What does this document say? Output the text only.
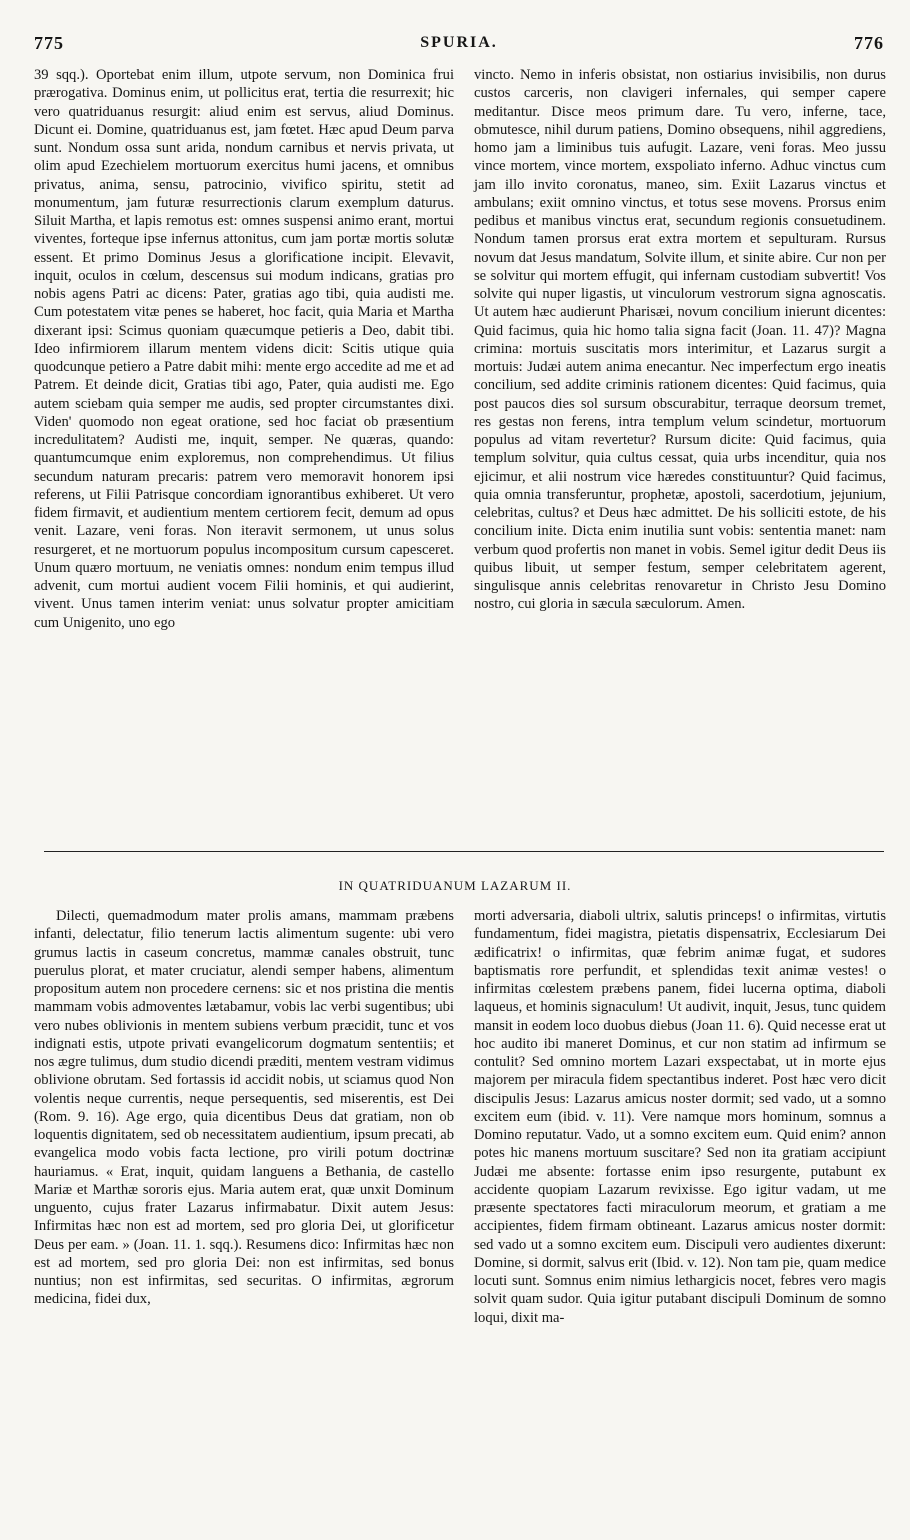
775	SPURIA.	776

39 sqq.). Oportebat enim illum, utpote servum, non Dominica frui prærogativa. Dominus enim, ut pollicitus erat, tertia die resurrexit; hic vero quatriduanus resurgit: aliud enim est servus, aliud Dominus. Dicunt ei. Domine, quatriduanus est, jam fœtet. Hæc apud Deum parva sunt. Nondum ossa sunt arida, nondum carnibus et nervis privata, ut olim apud Ezechielem mortuorum exercitus humi jacens, et omnibus privatus, anima, sensu, patrocinio, vivifico spiritu, stetit ad monumentum, jam futuræ resurrectionis clarum exemplum daturus. Siluit Martha, et lapis remotus est: omnes suspensi animo erant, mortui viventes, forteque ipse infernus attonitus, cum jam portæ mortis solutæ essent. Et primo Dominus Jesus a glorificatione incipit. Elevavit, inquit, oculos in cœlum, descensus sui modum indicans, gratias pro nobis agens Patri ac dicens: Pater, gratias ago tibi, quia audisti me. Cum potestatem vitæ penes se haberet, hoc facit, quia Maria et Martha dixerant ipsi: Scimus quoniam quæcumque petieris a Deo, dabit tibi. Ideo infirmiorem illarum mentem videns dicit: Scitis utique quia quodcunque petiero a Patre dabit mihi: mente ergo accedite ad me et ad Patrem. Et deinde dicit, Gratias tibi ago, Pater, quia audisti me. Ego autem sciebam quia semper me audis, sed propter circumstantes dixi. Viden' quomodo non egeat oratione, sed hoc faciat ob præsentium incredulitatem? Audisti me, inquit, semper. Ne quæras, quando: quantumcumque enim exploremus, non comprehendimus. Ut filius secundum naturam precaris: patrem vero memoravit honorem ipsi referens, ut Filii Patrisque concordiam ignorantibus exhiberet. Ut vero fidem firmavit, et audientium mentem certiorem fecit, demum ad opus venit. Lazare, veni foras. Non iteravit sermonem, ut unus solus resurgeret, et ne mortuorum populus incompositum cursum capesceret. Unum quæro mortuum, ne veniatis omnes: nondum enim tempus illud advenit, cum mortui audient vocem Filii hominis, et qui audierint, vivent. Unus tamen interim veniat: unus solvatur propter amicitiam cum Unigenito, uno ego

vincto. Nemo in inferis obsistat, non ostiarius invisibilis, non durus custos carceris, non clavigeri infernales, qui semper capere meditantur. Disce meos primum dare. Tu vero, inferne, tace, obmutesce, nihil durum patiens, Domino obsequens, nihil aggrediens, homo jam a liminibus tuis aufugit. Lazare, veni foras. Meo jussu vince mortem, vince mortem, exspoliato inferno. Adhuc vinctus cum jam illo invito coronatus, maneo, sim. Exiit Lazarus vinctus et ambulans; exiit omnino vinctus, et totus sese movens. Prorsus enim pedibus et manibus vinctus erat, secundum regionis consuetudinem. Nondum tamen prorsus erat extra mortem et sepulturam. Rursus novum dat Jesus mandatum, Solvite illum, et sinite abire. Cur non per se solvitur qui mortem effugit, qui infernam custodiam subvertit! Vos solvite qui nuper ligastis, ut vinculorum vestrorum signa agnoscatis. Ut autem hæc audierunt Pharisæi, novum concilium inierunt dicentes: Quid facimus, quia hic homo talia signa facit (Joan. 11. 47)? Magna crimina: mortuis suscitatis mors interimitur, et Lazarus surgit a mortuis: Judæi autem anima enecantur. Nec imperfectum ergo ineatis concilium, sed addite criminis rationem dicentes: Quid facimus, quia post paucos dies sol sursum obscurabitur, terraque deorsum tremet, res gestas non ferens, intra templum velum scindetur, mortuorum populus ad vitam revertetur? Rursum dicite: Quid facimus, quia templum solvitur, quia cultus cessat, quia urbs incenditur, quia nos ejicimur, et alii nostrum vice hæredes constituuntur? Quid facimus, quia omnia transferuntur, prophetæ, apostoli, sacerdotium, jejunium, celebritas, cultus? et Deus hæc admittet. De his solliciti estote, de his concilium inite. Dicta enim inutilia sunt vobis: sententia manet: nam verbum quod profertis non manet in vobis. Semel igitur dedit Deus iis quibus libuit, ut semper festum, semper celebritatem agerent, singulisque annis celebritas renovaretur in Christo Jesu Domino nostro, cui gloria in sæcula sæculorum. Amen.

IN QUATRIDUANUM LAZARUM II.

Dilecti, quemadmodum mater prolis amans, mammam præbens infanti, delectatur, filio tenerum lactis alimentum sugente: ubi vero grumus lactis in caseum concretus, mammæ canales obstruit, tunc puerulus plorat, et mater cruciatur, alendi semper habens, alimentum propositum autem non procedere cernens: sic et nos pristina die mentis mammam vobis admoventes lætabamur, vobis lac verbi sugentibus; ubi vero nubes oblivionis in mentem subiens verbum præcidit, tunc et vos indignati estis, utpote privati evangelicorum dogmatum sententiis; et nos ægre tulimus, dum studio dicendi præditi, mentem vestram vidimus oblivione obrutam. Sed fortassis id accidit nobis, ut sciamus quod Non volentis neque currentis, neque persequentis, sed miserentis, est Dei (Rom. 9. 16). Age ergo, quia dicentibus Deus dat gratiam, non ob loquentis dignitatem, sed ob necessitatem audientium, ipsum precati, ab evangelica modo vobis facta lectione, pro virili potum doctrinæ hauriamus. « Erat, inquit, quidam languens a Bethania, de castello Mariæ et Marthæ sororis ejus. Maria autem erat, quæ unxit Dominum unguento, cujus frater Lazarus infirmabatur. Dixit autem Jesus: Infirmitas hæc non est ad mortem, sed pro gloria Dei, ut glorificetur Deus per eam. » (Joan. 11. 1. sqq.). Resumens dico: Infirmitas hæc non est ad mortem, sed pro gloria Dei: non est infirmitas, sed bonus nuntius; non est infirmitas, sed securitas. O infirmitas, ægrorum medicina, fidei dux,

morti adversaria, diaboli ultrix, salutis princeps! o infirmitas, virtutis fundamentum, fidei magistra, pietatis dispensatrix, Ecclesiarum Dei ædificatrix! o infirmitas, quæ febrim animæ fugat, et sudores baptismatis rore perfundit, et splendidas texit animæ vestes! o infirmitas cœlestem præbens panem, fidei lucerna optima, diaboli laqueus, et hominis signaculum! Ut audivit, inquit, Jesus, tunc quidem mansit in eodem loco duobus diebus (Joan 11. 6). Quid necesse erat ut hoc audito ibi maneret Dominus, et cur non statim ad infirmum se contulit? Sed omnino mortem Lazari exspectabat, ut in morte ejus majorem per miracula fidem spectantibus inderet. Post hæc vero dicit discipulis Jesus: Lazarus amicus noster dormit; sed vado, ut a somno excitem eum (ibid. v. 11). Vere namque mors hominum, somnus a Domino reputatur. Vado, ut a somno excitem eum. Quid enim? annon potes hic manens mortuum suscitare? Sed non ita gratiam accipiunt Judæi me absente: fortasse enim ipso resurgente, putabunt ex accidente quopiam Lazarum revixisse. Ego igitur vadam, ut me præsente spectatores facti miraculorum meorum, et gratiam a me accipientes, fidem firmam obtineant. Lazarus amicus noster dormit: sed vado ut a somno excitem eum. Discipuli vero audientes dixerunt: Domine, si dormit, salvus erit (Ibid. v. 12). Non tam pie, quam medice locuti sunt. Somnus enim nimius lethargicis nocet, febres vero magis solvit quam sudor. Quia igitur putabant discipuli Dominum de somno loqui, dixit ma-
